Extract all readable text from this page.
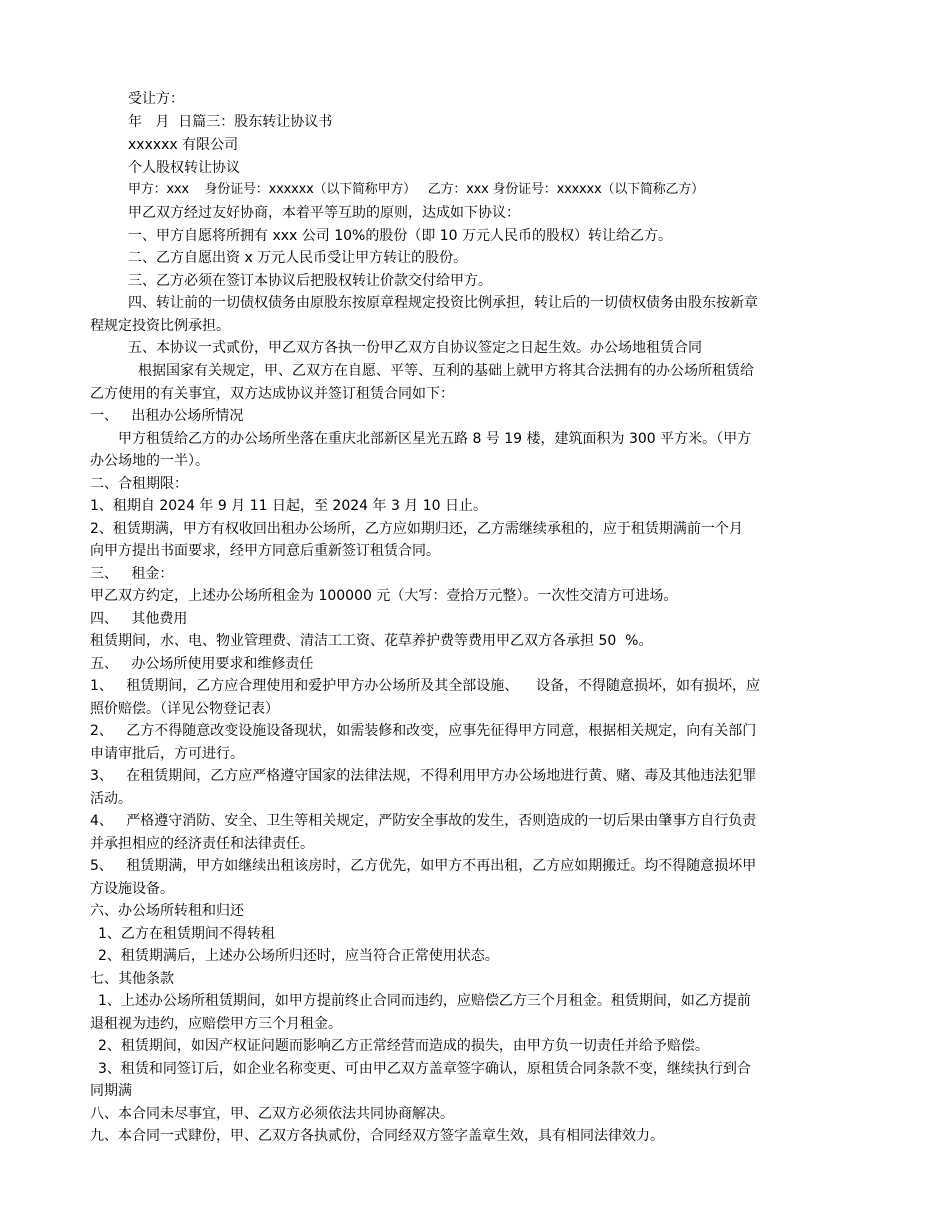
受让方：
年   月  日篇三：股东转让协议书
xxxxxx 有限公司
个人股权转让协议
甲方：xxx    身份证号：xxxxxx（以下简称甲方）   乙方：xxx 身份证号：xxxxxx（以下简称乙方）
甲乙双方经过友好协商，本着平等互助的原则，达成如下协议：
一、甲方自愿将所拥有 xxx 公司 10%的股份（即 10 万元人民币的股权）转让给乙方。
二、乙方自愿出资 x 万元人民币受让甲方转让的股份。
三、乙方必须在签订本协议后把股权转让价款交付给甲方。
四、转让前的一切债权债务由原股东按原章程规定投资比例承担，转让后的一切债权债务由股东按新章
程规定投资比例承担。
五、本协议一式贰份，甲乙双方各执一份甲乙双方自协议签定之日起生效。办公场地租赁合同
根据国家有关规定，甲、乙双方在自愿、平等、互利的基础上就甲方将其合法拥有的办公场所租赁给
乙方使用的有关事宜，双方达成协议并签订租赁合同如下：
一、   出租办公场所情况
甲方租赁给乙方的办公场所坐落在重庆北部新区星光五路 8 号 19 楼，建筑面积为 300 平方米。（甲方
办公场地的一半）。
二、合租期限：
1、租期自 2024 年 9 月 11 日起，至 2024 年 3 月 10 日止。
2、租赁期满，甲方有权收回出租办公场所，乙方应如期归还，乙方需继续承租的，应于租赁期满前一个月
向甲方提出书面要求，经甲方同意后重新签订租赁合同。
三、   租金：
甲乙双方约定，上述办公场所租金为 100000 元（大写：壹拾万元整）。一次性交清方可进场。
四、   其他费用
租赁期间，水、电、物业管理费、清洁工工资、花草养护费等费用甲乙双方各承担 50  %。
五、   办公场所使用要求和维修责任
1、   租赁期间，乙方应合理使用和爱护甲方办公场所及其全部设施、    设备，不得随意损坏，如有损坏，应
照价赔偿。（详见公物登记表）
2、   乙方不得随意改变设施设备现状，如需装修和改变，应事先征得甲方同意，根据相关规定，向有关部门
申请审批后，方可进行。
3、   在租赁期间，乙方应严格遵守国家的法律法规，不得利用甲方办公场地进行黄、赌、毒及其他违法犯罪
活动。
4、   严格遵守消防、安全、卫生等相关规定，严防安全事故的发生，否则造成的一切后果由肇事方自行负责
并承担相应的经济责任和法律责任。
5、   租赁期满，甲方如继续出租该房时，乙方优先，如甲方不再出租，乙方应如期搬迁。均不得随意损坏甲
方设施设备。
六、办公场所转租和归还
1、乙方在租赁期间不得转租
2、租赁期满后，上述办公场所归还时，应当符合正常使用状态。
七、其他条款
1、上述办公场所租赁期间，如甲方提前终止合同而违约，应赔偿乙方三个月租金。租赁期间，如乙方提前
退租视为违约，应赔偿甲方三个月租金。
2、租赁期间，如因产权证问题而影响乙方正常经营而造成的损失，由甲方负一切责任并给予赔偿。
3、租赁和同签订后，如企业名称变更、可由甲乙双方盖章签字确认，原租赁合同条款不变，继续执行到合
同期满
八、本合同未尽事宜，甲、乙双方必须依法共同协商解决。
九、本合同一式肆份，甲、乙双方各执贰份，合同经双方签字盖章生效，具有相同法律效力。
